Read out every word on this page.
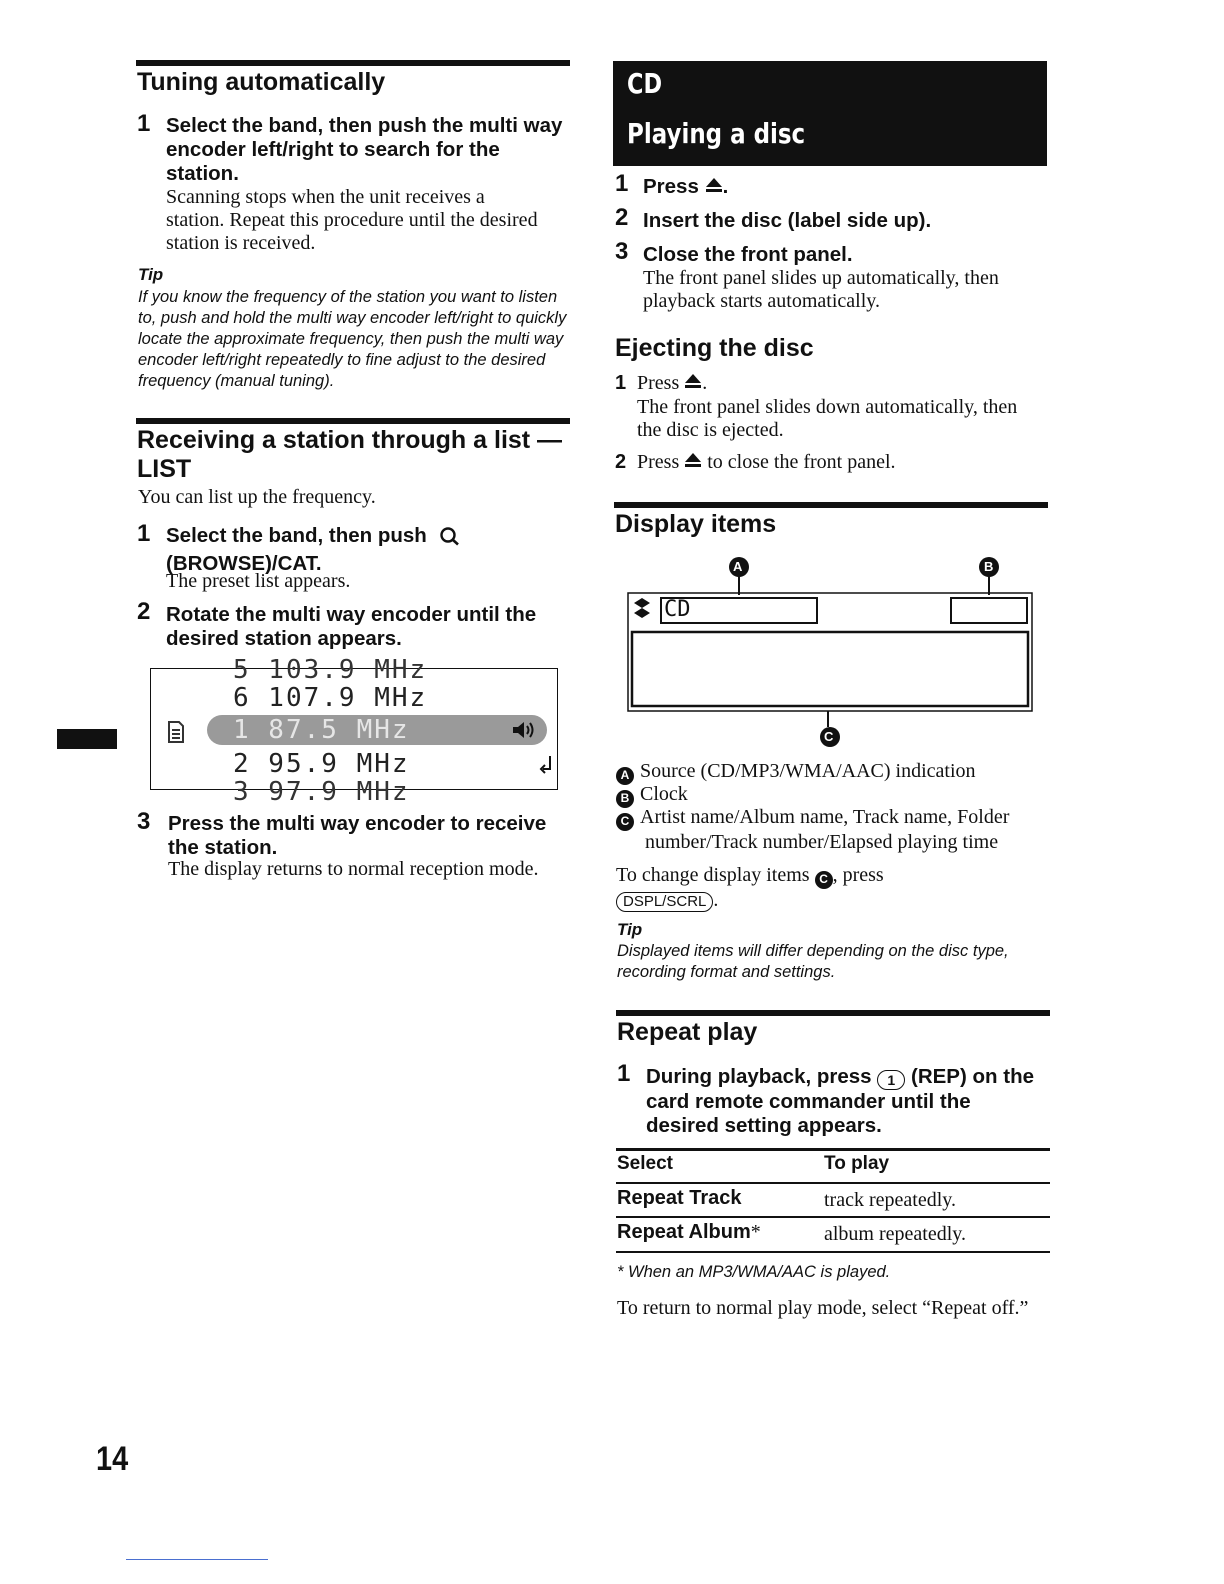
Tuning automatically
1 Select the band, then push the multi way encoder left/right to search for the station.
Scanning stops when the unit receives a station. Repeat this procedure until the desired station is received.
Tip
If you know the frequency of the station you want to listen to, push and hold the multi way encoder left/right to quickly locate the approximate frequency, then push the multi way encoder left/right repeatedly to fine adjust to the desired frequency (manual tuning).
Receiving a station through a list — LIST
You can list up the frequency.
1 Select the band, then push
(BROWSE)/CAT.
The preset list appears.
2 Rotate the multi way encoder until the desired station appears.
5 103.9 MHz
6 107.9 MHz
1 87.5 MHz
2 95.9 MHz
3 97.9 MHz
3 Press the multi way encoder to receive the station.
The display returns to normal reception mode.
14
CD
Playing a disc
1 Press .
2 Insert the disc (label side up).
3 Close the front panel.
The front panel slides up automatically, then playback starts automatically.
Ejecting the disc
1 Press .
The front panel slides down automatically, then the disc is ejected.
2 Press to close the front panel.
Display items
A	B
C
CD
A Source (CD/MP3/WMA/AAC) indication
B Clock
C Artist name/Album name, Track name, Folder number/Track number/Elapsed playing time
To change display items C , press
DSPL/SCRL .
Tip
Displayed items will differ depending on the disc type, recording format and settings.
Repeat play
1 During playback, press 1 (REP) on the card remote commander until the desired setting appears.
Select	To play
Repeat Track	track repeatedly.
Repeat Album*	album repeatedly.
* When an MP3/WMA/AAC is played.
To return to normal play mode, select “Repeat off.”
